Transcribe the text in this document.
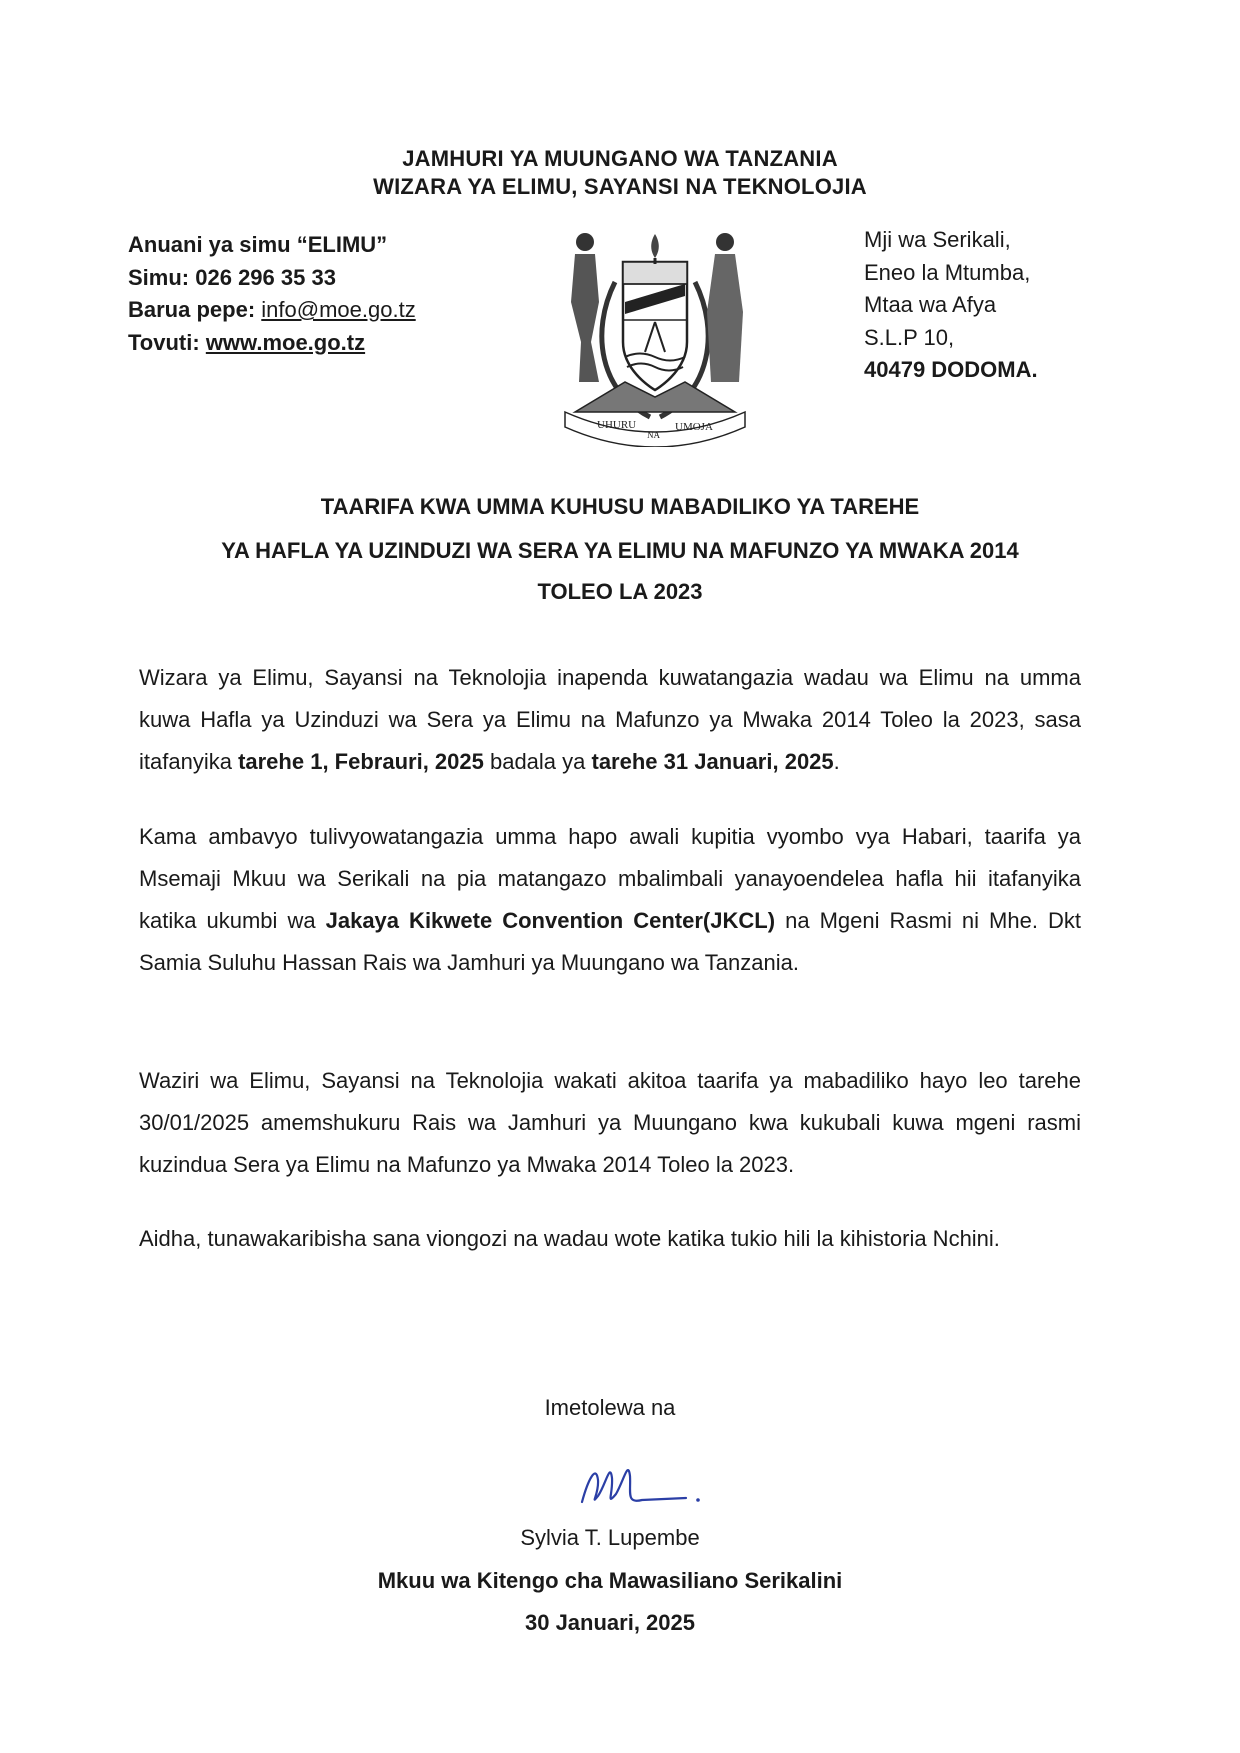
JAMHURI YA MUUNGANO WA TANZANIA
WIZARA YA ELIMU, SAYANSI NA TEKNOLOJIA
Anuani ya simu “ELIMU”
Simu: 026 296 35 33
Barua pepe: info@moe.go.tz
Tovuti: www.moe.go.tz
UHURU
NA
UMOJA
Mji wa Serikali,
Eneo la Mtumba,
Mtaa wa Afya
S.L.P 10,
40479 DODOMA.
TAARIFA KWA UMMA KUHUSU MABADILIKO YA TAREHE
YA HAFLA YA UZINDUZI WA SERA YA ELIMU NA MAFUNZO YA MWAKA 2014
TOLEO LA 2023
Wizara ya Elimu, Sayansi na Teknolojia inapenda kuwatangazia wadau wa Elimu na umma kuwa Hafla ya Uzinduzi wa Sera ya Elimu na Mafunzo ya Mwaka 2014 Toleo la 2023, sasa itafanyika tarehe 1, Febrauri, 2025 badala ya tarehe 31 Januari, 2025.
Kama ambavyo tulivyowatangazia umma hapo awali kupitia vyombo vya Habari, taarifa ya Msemaji Mkuu wa Serikali na pia matangazo mbalimbali yanayoendelea hafla hii itafanyika katika ukumbi wa Jakaya Kikwete Convention Center(JKCL) na Mgeni Rasmi ni Mhe. Dkt Samia Suluhu Hassan Rais wa Jamhuri ya Muungano wa Tanzania.
Waziri wa Elimu, Sayansi na Teknolojia wakati akitoa taarifa ya mabadiliko hayo leo tarehe 30/01/2025 amemshukuru Rais wa Jamhuri ya Muungano kwa kukubali kuwa mgeni rasmi kuzindua Sera ya Elimu na Mafunzo ya Mwaka 2014 Toleo la 2023.
Aidha, tunawakaribisha sana viongozi na wadau wote katika tukio hili la kihistoria Nchini.
Imetolewa na
Sylvia T. Lupembe
Mkuu wa Kitengo cha Mawasiliano Serikalini
30 Januari, 2025
